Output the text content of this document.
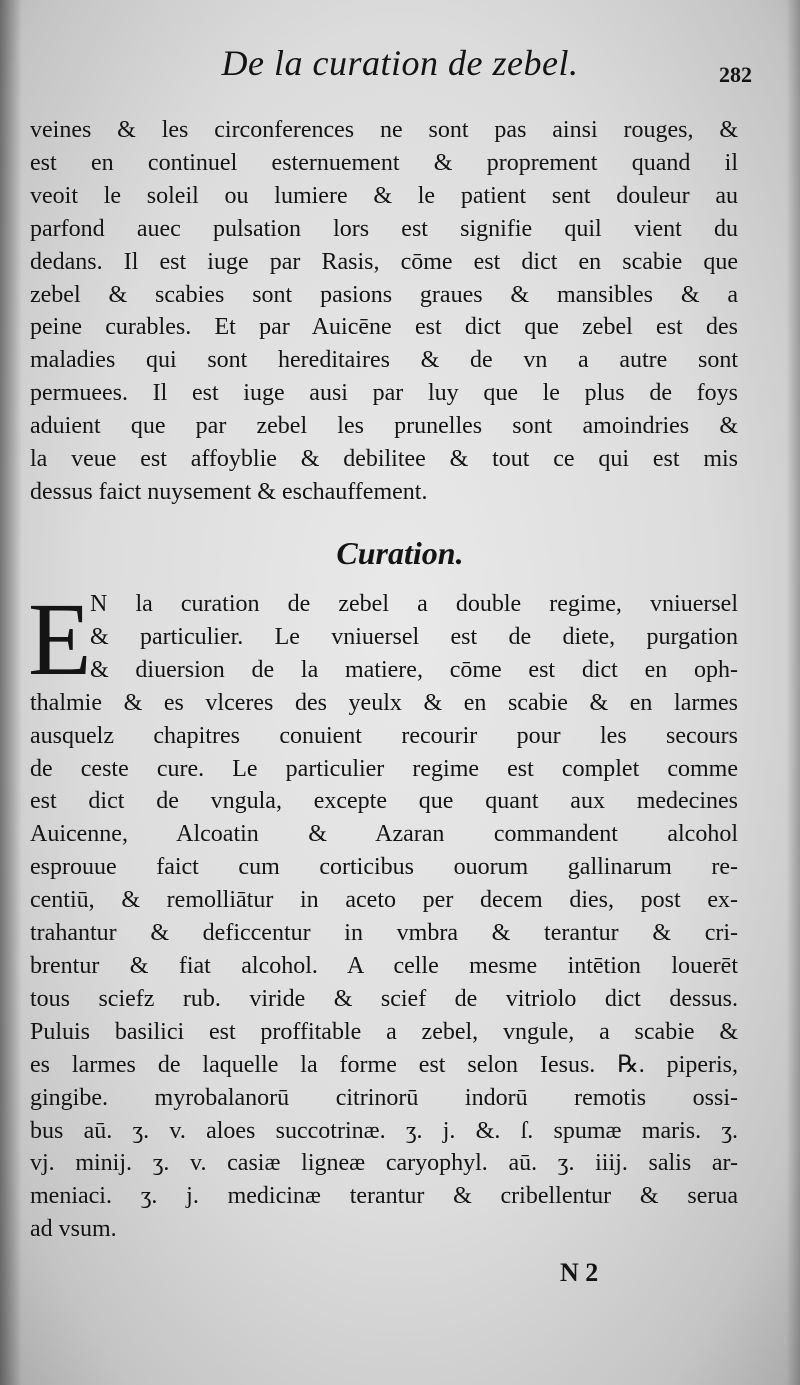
De la curation de zebel.	282
veines & les circonferences ne sont pas ainsi rouges, &
est en continuel esternuement & proprement quand il
veoit le soleil ou lumiere & le patient sent douleur au
parfond auec pulsation lors est signifie quil vient du
dedans. Il est iuge par Rasis, cōme est dict en scabie que
zebel & scabies sont pasions graues & mansibles & a
peine curables. Et par Auicēne est dict que zebel est des
maladies qui sont hereditaires & de vn a autre sont
permuees. Il est iuge ausi par luy que le plus de foys
aduient que par zebel les prunelles sont amoindries &
la veue est affoyblie & debilitee & tout ce qui est mis
dessus faict nuysement & eschauffement.
Curation.
E
N la curation de zebel a double regime, vniuersel
& particulier. Le vniuersel est de diete, purgation
& diuersion de la matiere, cōme est dict en oph-
thalmie & es vlceres des yeulx & en scabie & en larmes
ausquelz chapitres conuient recourir pour les secours
de ceste cure. Le particulier regime est complet comme
est dict de vngula, excepte que quant aux medecines
Auicenne, Alcoatin & Azaran commandent alcohol
esprouue faict cum corticibus ouorum gallinarum re-
centiū, & remolliātur in aceto per decem dies, post ex-
trahantur & deficcentur in vmbra & terantur & cri-
brentur & fiat alcohol. A celle mesme intētion louerēt
tous sciefz rub. viride & scief de vitriolo dict dessus.
Puluis basilici est proffitable a zebel, vngule, a scabie &
es larmes de laquelle la forme est selon Iesus. ℞. piperis,
gingibe. myrobalanorū citrinorū indorū remotis ossi-
bus aū. ʒ. v. aloes succotrinæ. ʒ. j. &. ſ. spumæ maris. ʒ.
vj. minij. ʒ. v. casiæ ligneæ caryophyl. aū. ʒ. iiij. salis ar-
meniaci. ʒ. j. medicinæ terantur & cribellentur & serua
ad vsum.
N 2
